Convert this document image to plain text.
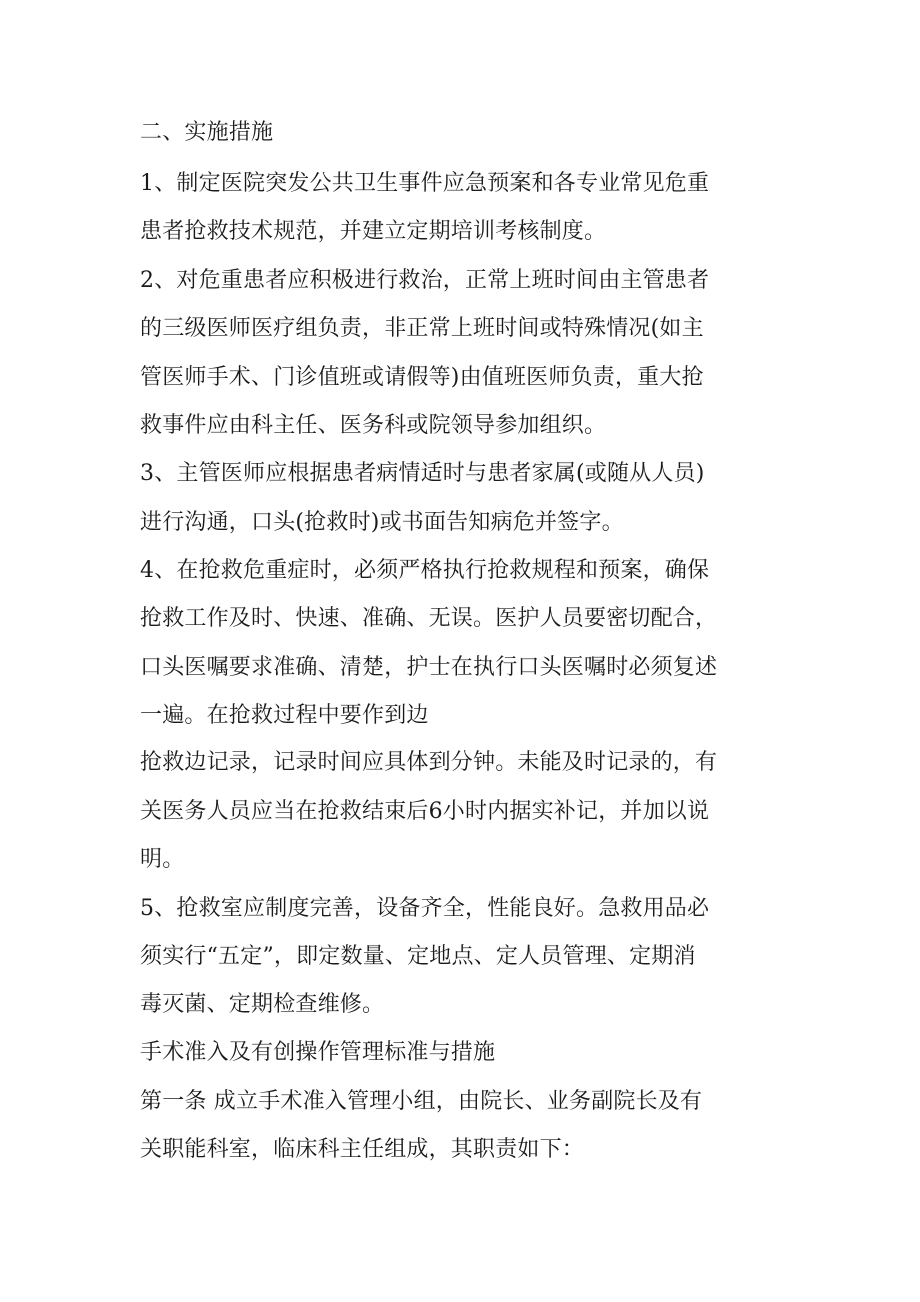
二、实施措施
1、制定医院突发公共卫生事件应急预案和各专业常见危重
患者抢救技术规范，并建立定期培训考核制度。
2、对危重患者应积极进行救治，正常上班时间由主管患者
的三级医师医疗组负责，非正常上班时间或特殊情况(如主
管医师手术、门诊值班或请假等)由值班医师负责，重大抢
救事件应由科主任、医务科或院领导参加组织。
3、主管医师应根据患者病情适时与患者家属(或随从人员)
进行沟通，口头(抢救时)或书面告知病危并签字。
4、在抢救危重症时，必须严格执行抢救规程和预案，确保
抢救工作及时、快速、准确、无误。医护人员要密切配合，
口头医嘱要求准确、清楚，护士在执行口头医嘱时必须复述
一遍。在抢救过程中要作到边
抢救边记录，记录时间应具体到分钟。未能及时记录的，有
关医务人员应当在抢救结束后6小时内据实补记，并加以说
明。
5、抢救室应制度完善，设备齐全，性能良好。急救用品必
须实行“五定”，即定数量、定地点、定人员管理、定期消
毒灭菌、定期检查维修。
手术准入及有创操作管理标准与措施
第一条 成立手术准入管理小组，由院长、业务副院长及有
关职能科室，临床科主任组成，其职责如下：
